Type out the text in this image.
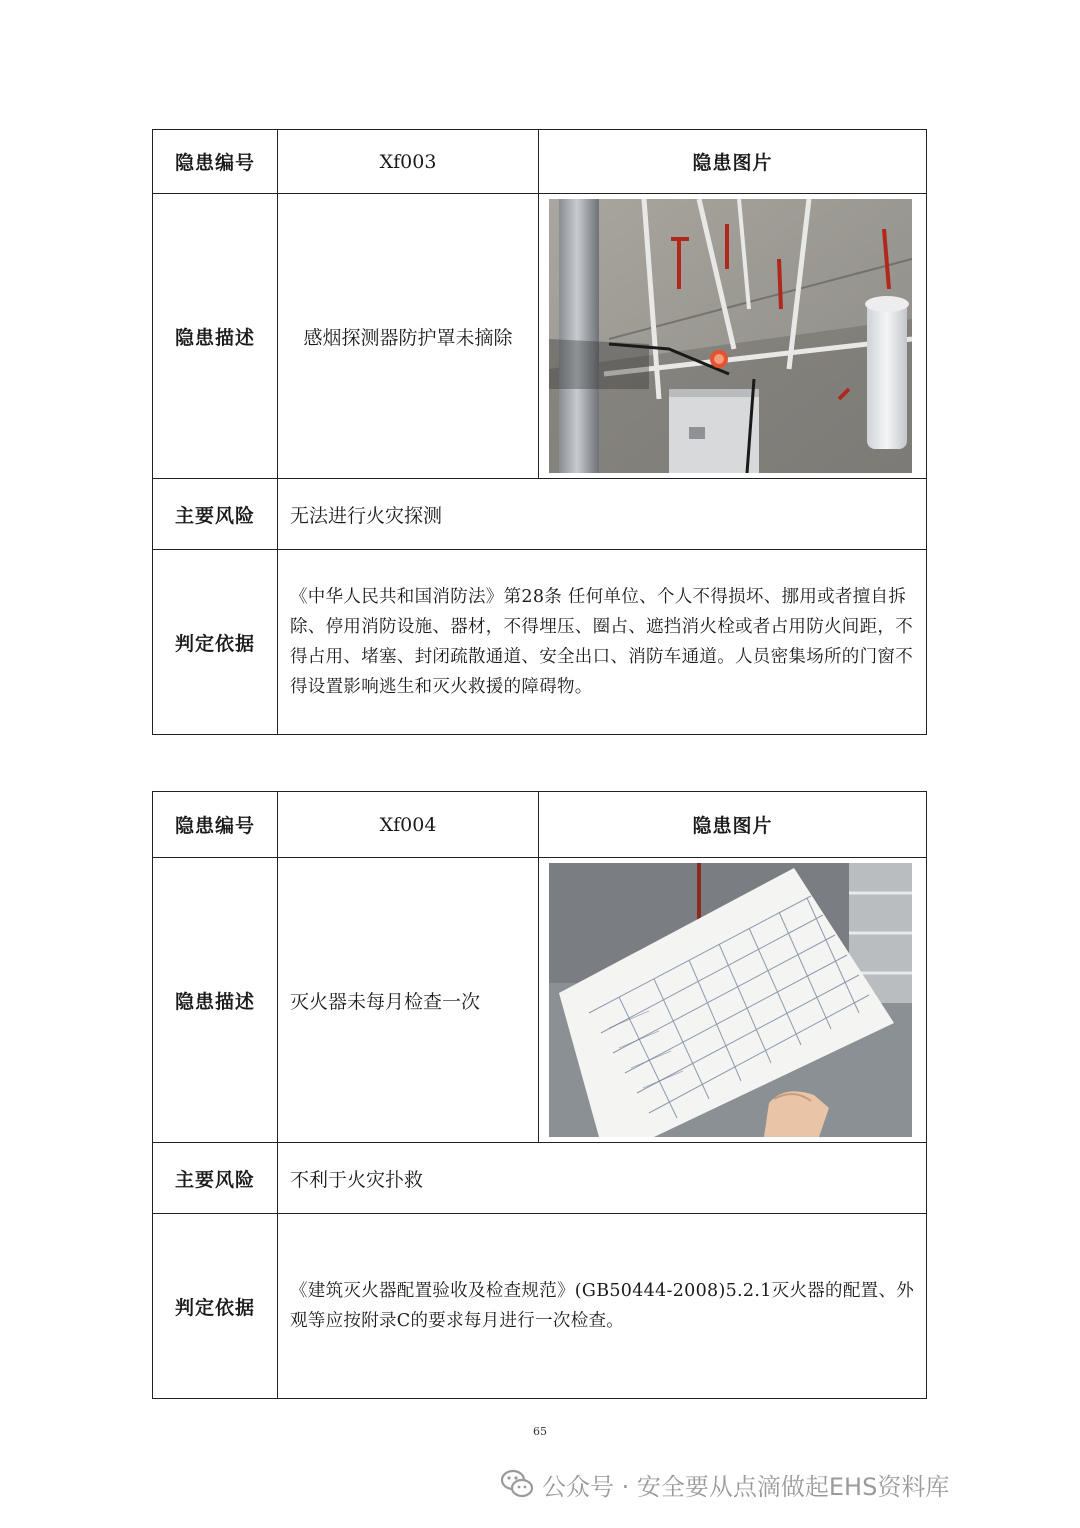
隐患编号	Xf003	隐患图片
隐患描述	感烟探测器防护罩未摘除	

主要风险	无法进行火灾探测	
判定依据	《中华人民共和国消防法》第28条 任何单位、个人不得损坏、挪用或者擅自拆除、停用消防设施、器材，不得埋压、圈占、遮挡消火栓或者占用防火间距，不得占用、堵塞、封闭疏散通道、安全出口、消防车通道。人员密集场所的门窗不得设置影响逃生和灭火救援的障碍物。	
隐患编号	Xf004	隐患图片
隐患描述	灭火器未每月检查一次	

主要风险	不利于火灾扑救	
判定依据	《建筑灭火器配置验收及检查规范》(GB50444-2008)5.2.1灭火器的配置、外观等应按附录C的要求每月进行一次检查。	
65
公众号 · 安全要从点滴做起EHS资料库
